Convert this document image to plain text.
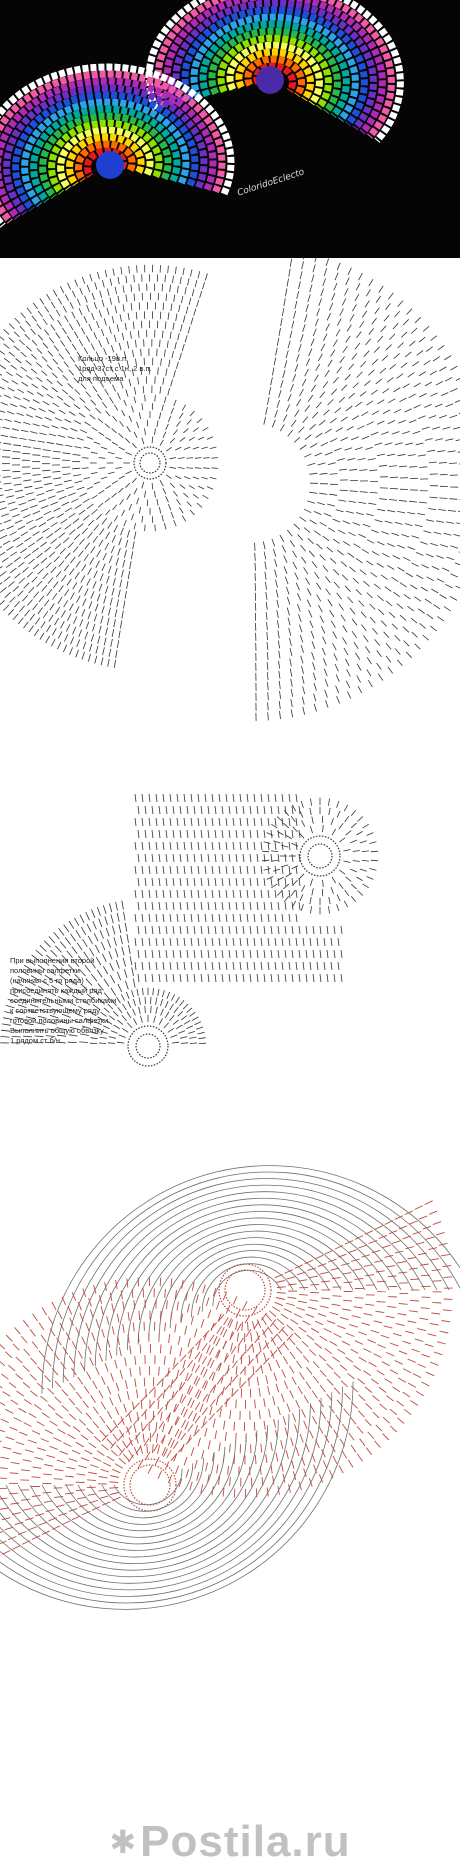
ColoridoEclecto
Кольцо -19в.п.
1ряд-37ст с 1н, 2 в.п.
для подъема
При выполнении второй
половины салфетки
(начиная с 5-го ряда)
присоединять каждый ряд
соединительными столбиками
к соответствующему ряду
готовой половины салфетки.
Выполнить общую обвязку
1 рядом ст б/н.
✱ Postila.ru
